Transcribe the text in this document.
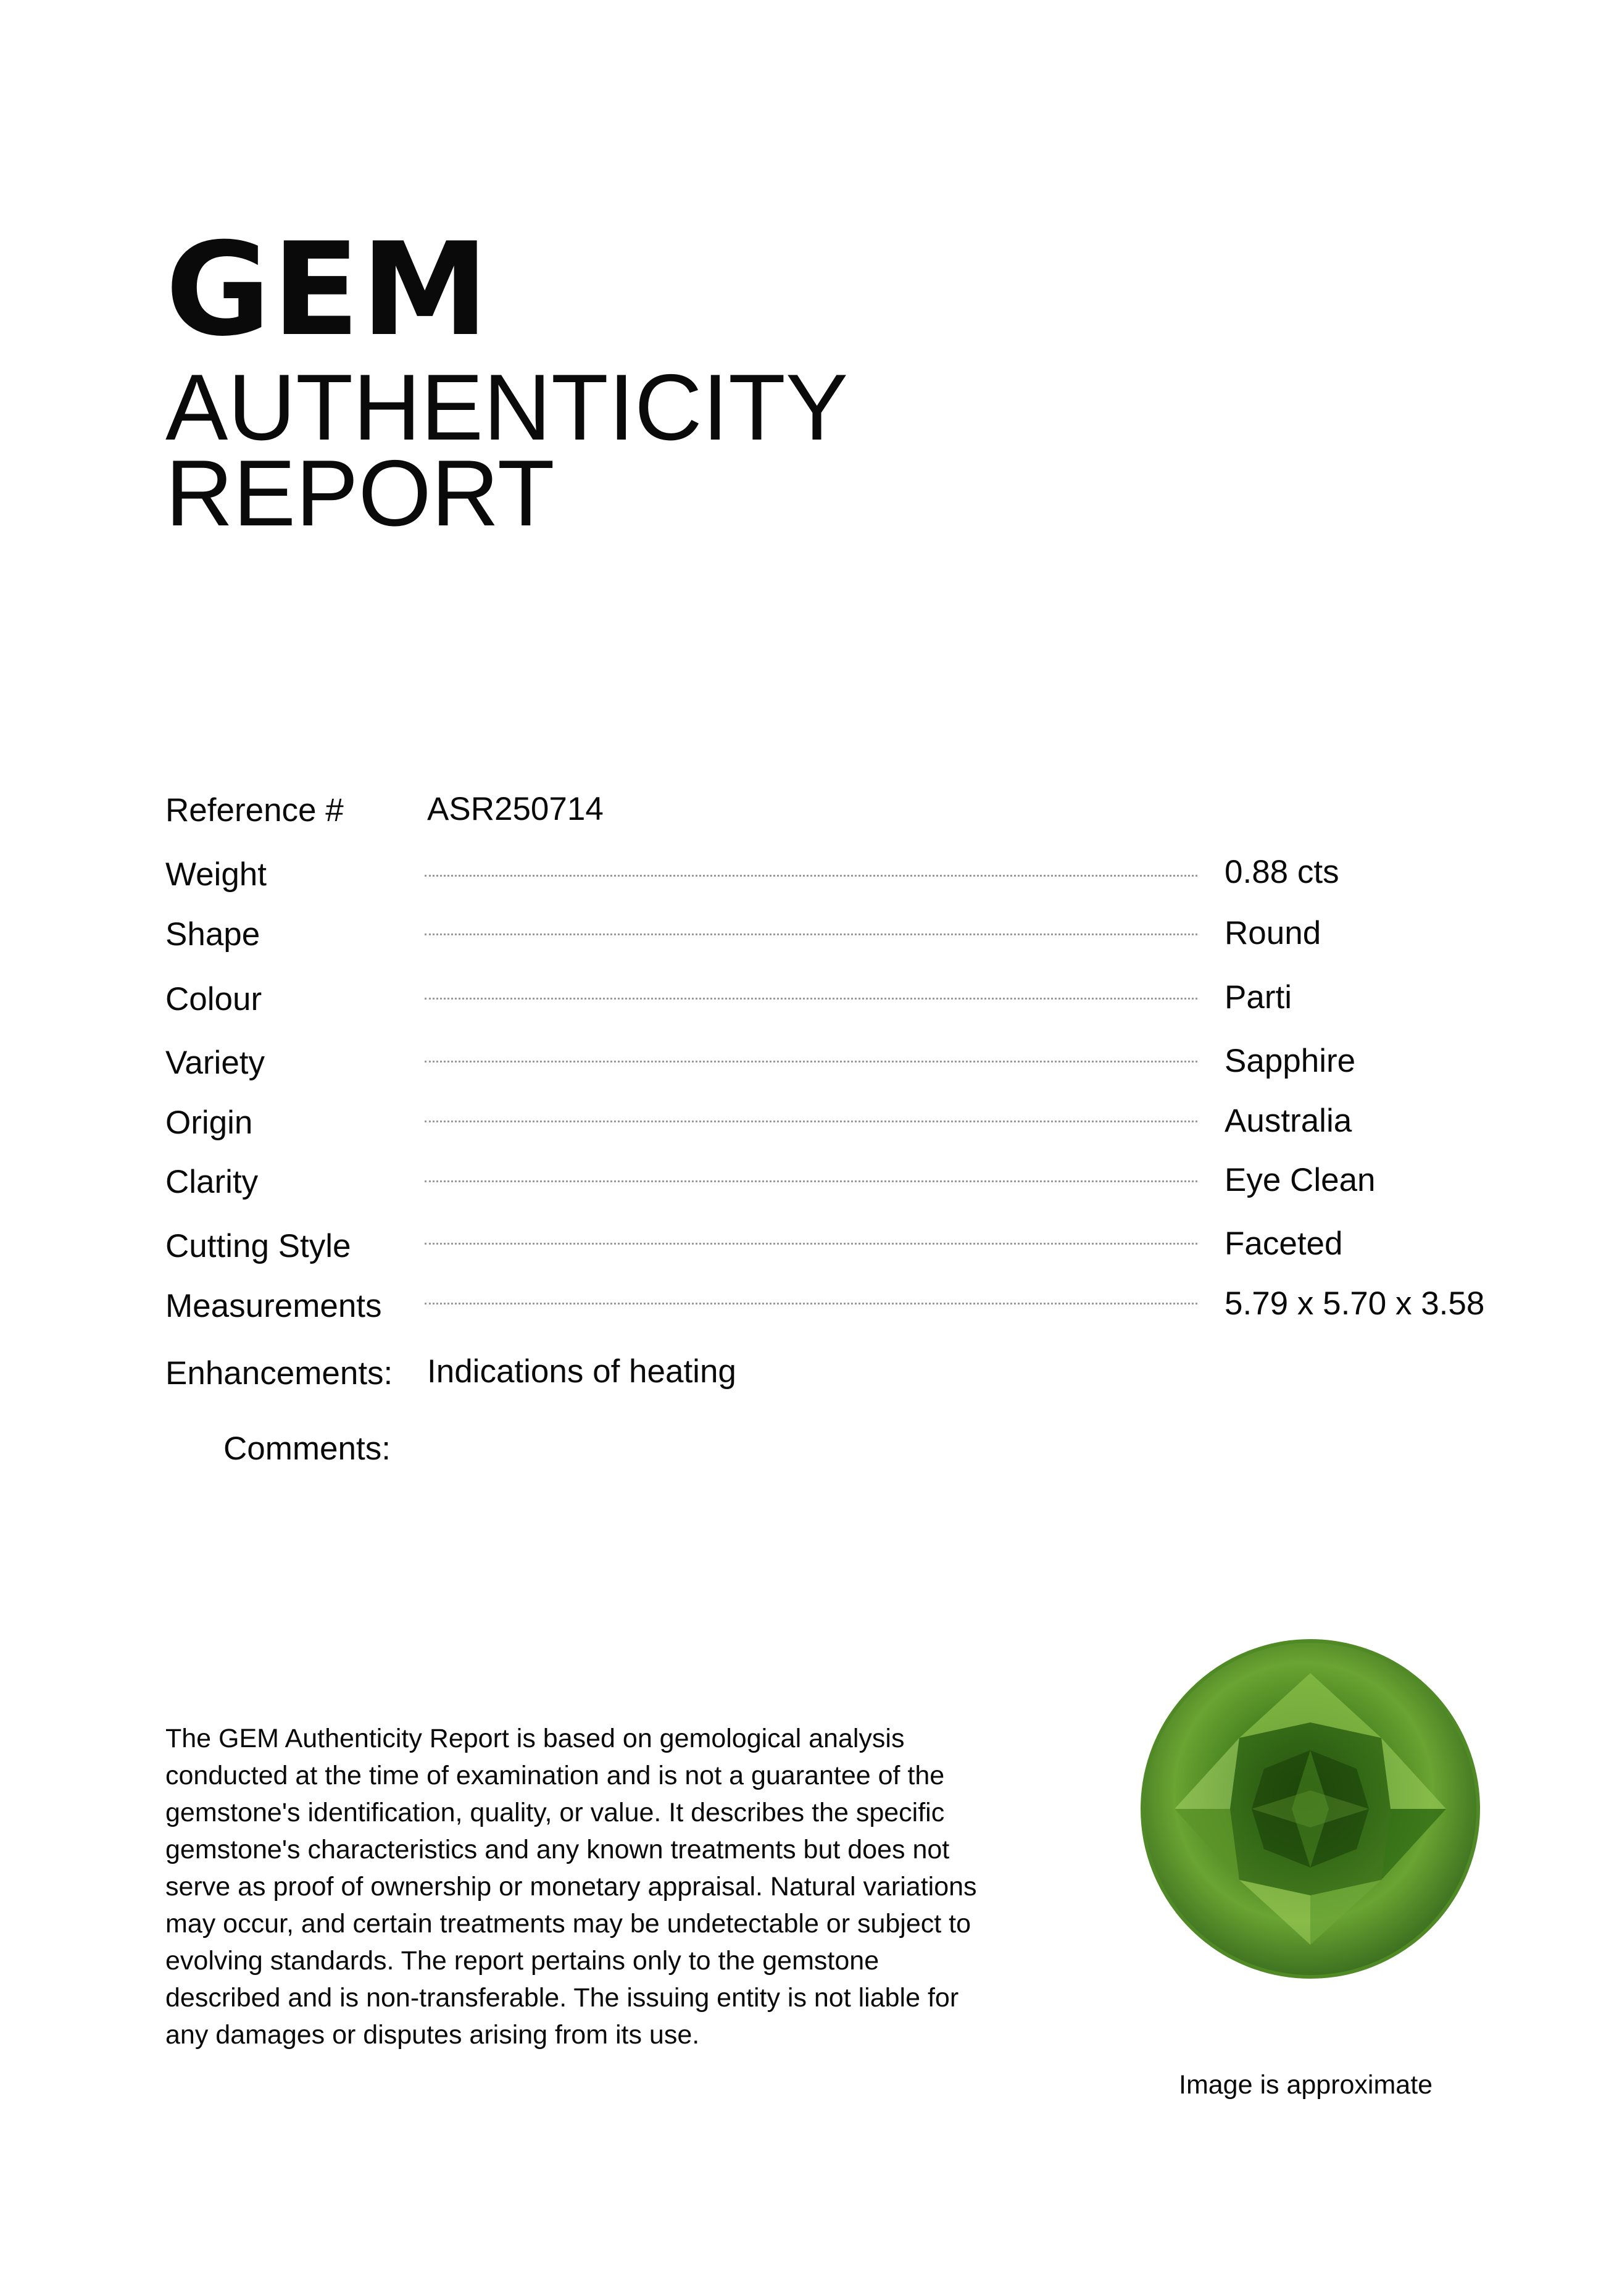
GEM
AUTHENTICITY
REPORT
Reference #	ASR250714
Weight	0.88 cts
Shape	Round
Colour	Parti
Variety	Sapphire
Origin	Australia
Clarity	Eye Clean
Cutting Style	Faceted
Measurements	5.79 x 5.70 x 3.58
Enhancements: Indications of heating
Comments:

The GEM Authenticity Report is based on gemological analysis conducted at the time of examination and is not a guarantee of the gemstone's identification, quality, or value. It describes the specific gemstone's characteristics and any known treatments but does not serve as proof of ownership or monetary appraisal. Natural variations may occur, and certain treatments may be undetectable or subject to evolving standards. The report pertains only to the gemstone described and is non-transferable. The issuing entity is not liable for any damages or disputes arising from its use.

Image is approximate
